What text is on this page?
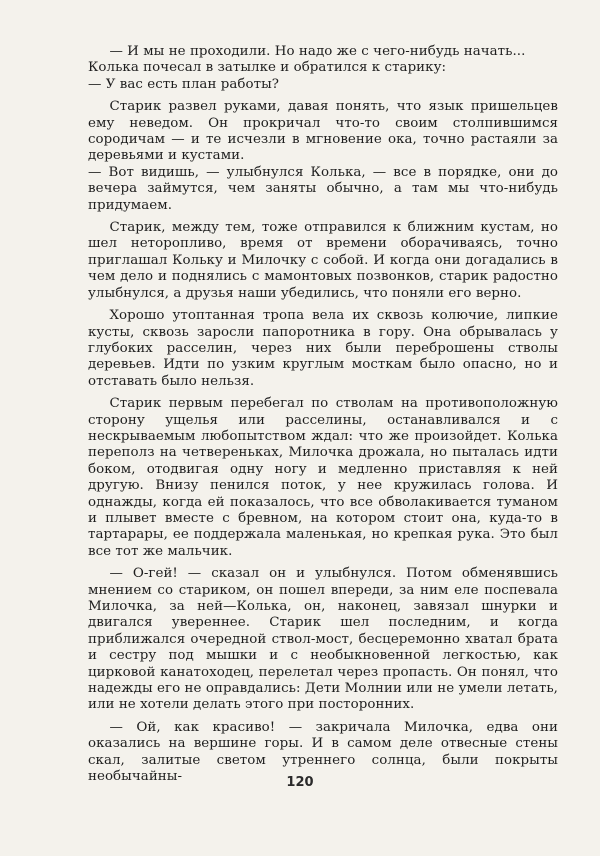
— И мы не проходили. Но надо же с чего-нибудь начать...

Колька почесал в затылке и обратился к старику:

— У вас есть план работы?

Старик развел руками, давая понять, что язык пришельцев ему неведом. Он прокричал что-то своим столпившимся сородичам — и те исчезли в мгновение ока, точно растаяли за деревьями и кустами.

— Вот видишь, — улыбнулся Колька, — все в порядке, они до вечера займутся, чем заняты обычно, а там мы что-нибудь придумаем.

Старик, между тем, тоже отправился к ближним кустам, но шел неторопливо, время от времени оборачиваясь, точно приглашал Кольку и Милочку с собой. И когда они догадались в чем дело и поднялись с мамонтовых позвонков, старик радостно улыбнулся, а друзья наши убедились, что поняли его верно.

Хорошо утоптанная тропа вела их сквозь колючие, липкие кусты, сквозь заросли папоротника в гору. Она обрывалась у глубоких расселин, через них были переброшены стволы деревьев. Идти по узким круглым мосткам было опасно, но и отставать было нельзя.

Старик первым перебегал по стволам на противоположную сторону ущелья или расселины, останавливался и с нескрываемым любопытством ждал: что же произойдет. Колька переполз на четвереньках, Милочка дрожала, но пыталась идти боком, отодвигая одну ногу и медленно приставляя к ней другую. Внизу пенился поток, у нее кружилась голова. И однажды, когда ей показалось, что все обволакивается туманом и плывет вместе с бревном, на котором стоит она, куда-то в тартарары, ее поддержала маленькая, но крепкая рука. Это был все тот же мальчик.

— О-гей! — сказал он и улыбнулся. Потом обменявшись мнением со стариком, он пошел впереди, за ним еле поспевала Милочка, за ней—Колька, он, наконец, завязал шнурки и двигался увереннее. Старик шел последним, и когда приближался очередной ствол-мост, бесцеремонно хватал брата и сестру под мышки и с необыкновенной легкостью, как цирковой канатоходец, перелетал через пропасть. Он понял, что надежды его не оправдались: Дети Молнии или не умели летать, или не хотели делать этого при посторонних.

— Ой, как красиво! — закричала Милочка, едва они оказались на вершине горы. И в самом деле отвесные стены скал, залитые светом утреннего солнца, были покрыты необычайны-	120
